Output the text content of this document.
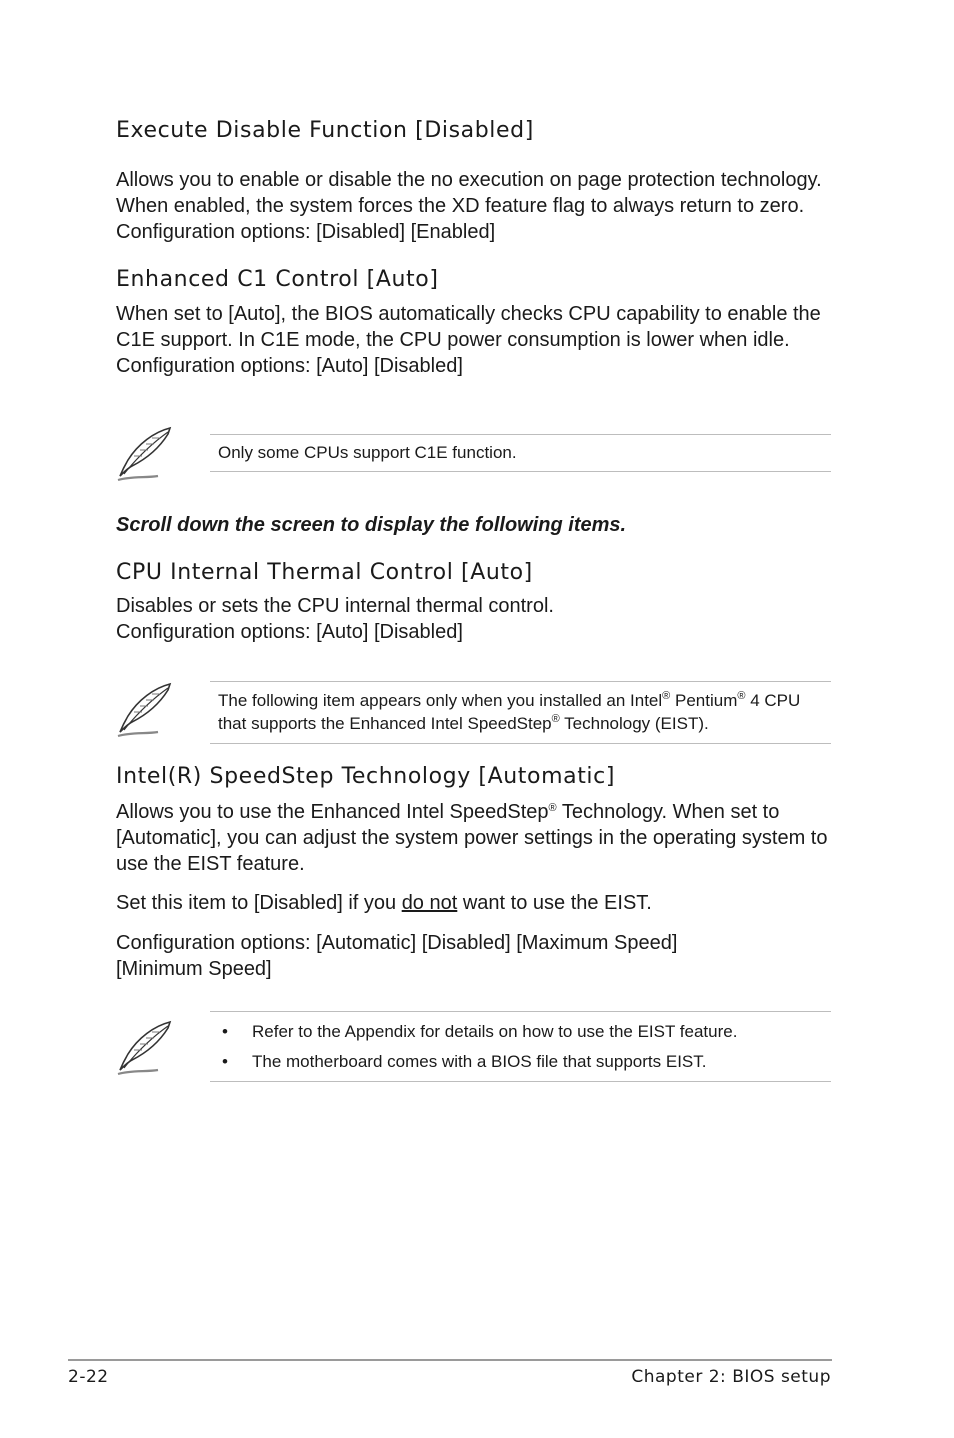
Execute Disable Function [Disabled]

Allows you to enable or disable the no execution on page protection technology. When enabled, the system forces the XD feature flag to always return to zero. Configuration options: [Disabled] [Enabled]

Enhanced C1 Control [Auto]

When set to [Auto], the BIOS automatically checks CPU capability to enable the C1E support. In C1E mode, the CPU power consumption is lower when idle. Configuration options: [Auto] [Disabled]

Only some CPUs support C1E function.

Scroll down the screen to display the following items.

CPU Internal Thermal Control [Auto]

Disables or sets the CPU internal thermal control.
Configuration options: [Auto] [Disabled]

The following item appears only when you installed an Intel® Pentium® 4 CPU that supports the Enhanced Intel SpeedStep® Technology (EIST).
Intel(R) SpeedStep Technology [Automatic]

Allows you to use the Enhanced Intel SpeedStep® Technology. When set to [Automatic], you can adjust the system power settings in the operating system to use the EIST feature.

Set this item to [Disabled] if you do not want to use the EIST.

Configuration options: [Automatic] [Disabled] [Maximum Speed] [Minimum Speed]

• Refer to the Appendix for details on how to use the EIST feature.
• The motherboard comes with a BIOS file that supports EIST.
2-22	Chapter 2: BIOS setup
